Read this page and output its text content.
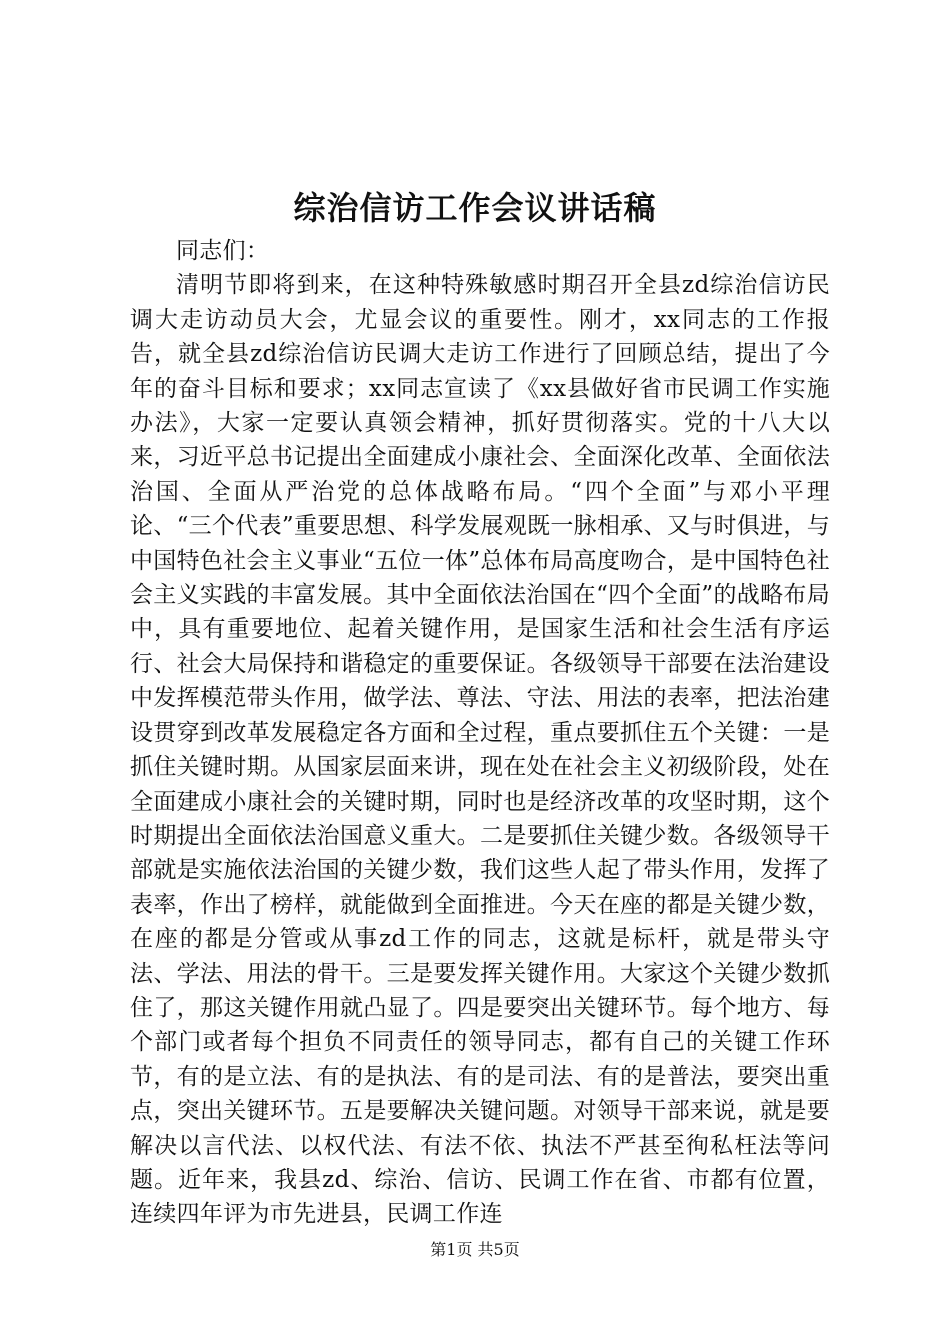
综治信访工作会议讲话稿

同志们：

清明节即将到来，在这种特殊敏感时期召开全县zd综治信访民调大走访动员大会，尤显会议的重要性。刚才，xx同志的工作报告，就全县zd综治信访民调大走访工作进行了回顾总结，提出了今年的奋斗目标和要求；xx同志宣读了《xx县做好省市民调工作实施办法》，大家一定要认真领会精神，抓好贯彻落实。党的十八大以来，习近平总书记提出全面建成小康社会、全面深化改革、全面依法治国、全面从严治党的总体战略布局。“四个全面”与邓小平理论、“三个代表”重要思想、科学发展观既一脉相承、又与时俱进，与中国特色社会主义事业“五位一体”总体布局高度吻合，是中国特色社会主义实践的丰富发展。其中全面依法治国在“四个全面”的战略布局中，具有重要地位、起着关键作用，是国家生活和社会生活有序运行、社会大局保持和谐稳定的重要保证。各级领导干部要在法治建设中发挥模范带头作用，做学法、尊法、守法、用法的表率，把法治建设贯穿到改革发展稳定各方面和全过程，重点要抓住五个关键：一是抓住关键时期。从国家层面来讲，现在处在社会主义初级阶段，处在全面建成小康社会的关键时期，同时也是经济改革的攻坚时期，这个时期提出全面依法治国意义重大。二是要抓住关键少数。各级领导干部就是实施依法治国的关键少数，我们这些人起了带头作用，发挥了表率，作出了榜样，就能做到全面推进。今天在座的都是关键少数，在座的都是分管或从事zd工作的同志，这就是标杆，就是带头守法、学法、用法的骨干。三是要发挥关键作用。大家这个关键少数抓住了，那这关键作用就凸显了。四是要突出关键环节。每个地方、每个部门或者每个担负不同责任的领导同志，都有自己的关键工作环节，有的是立法、有的是执法、有的是司法、有的是普法，要突出重点，突出关键环节。五是要解决关键问题。对领导干部来说，就是要解决以言代法、以权代法、有法不依、执法不严甚至徇私枉法等问题。近年来，我县zd、综治、信访、民调工作在省、市都有位置，连续四年评为市先进县，民调工作连

第1页 共5页
